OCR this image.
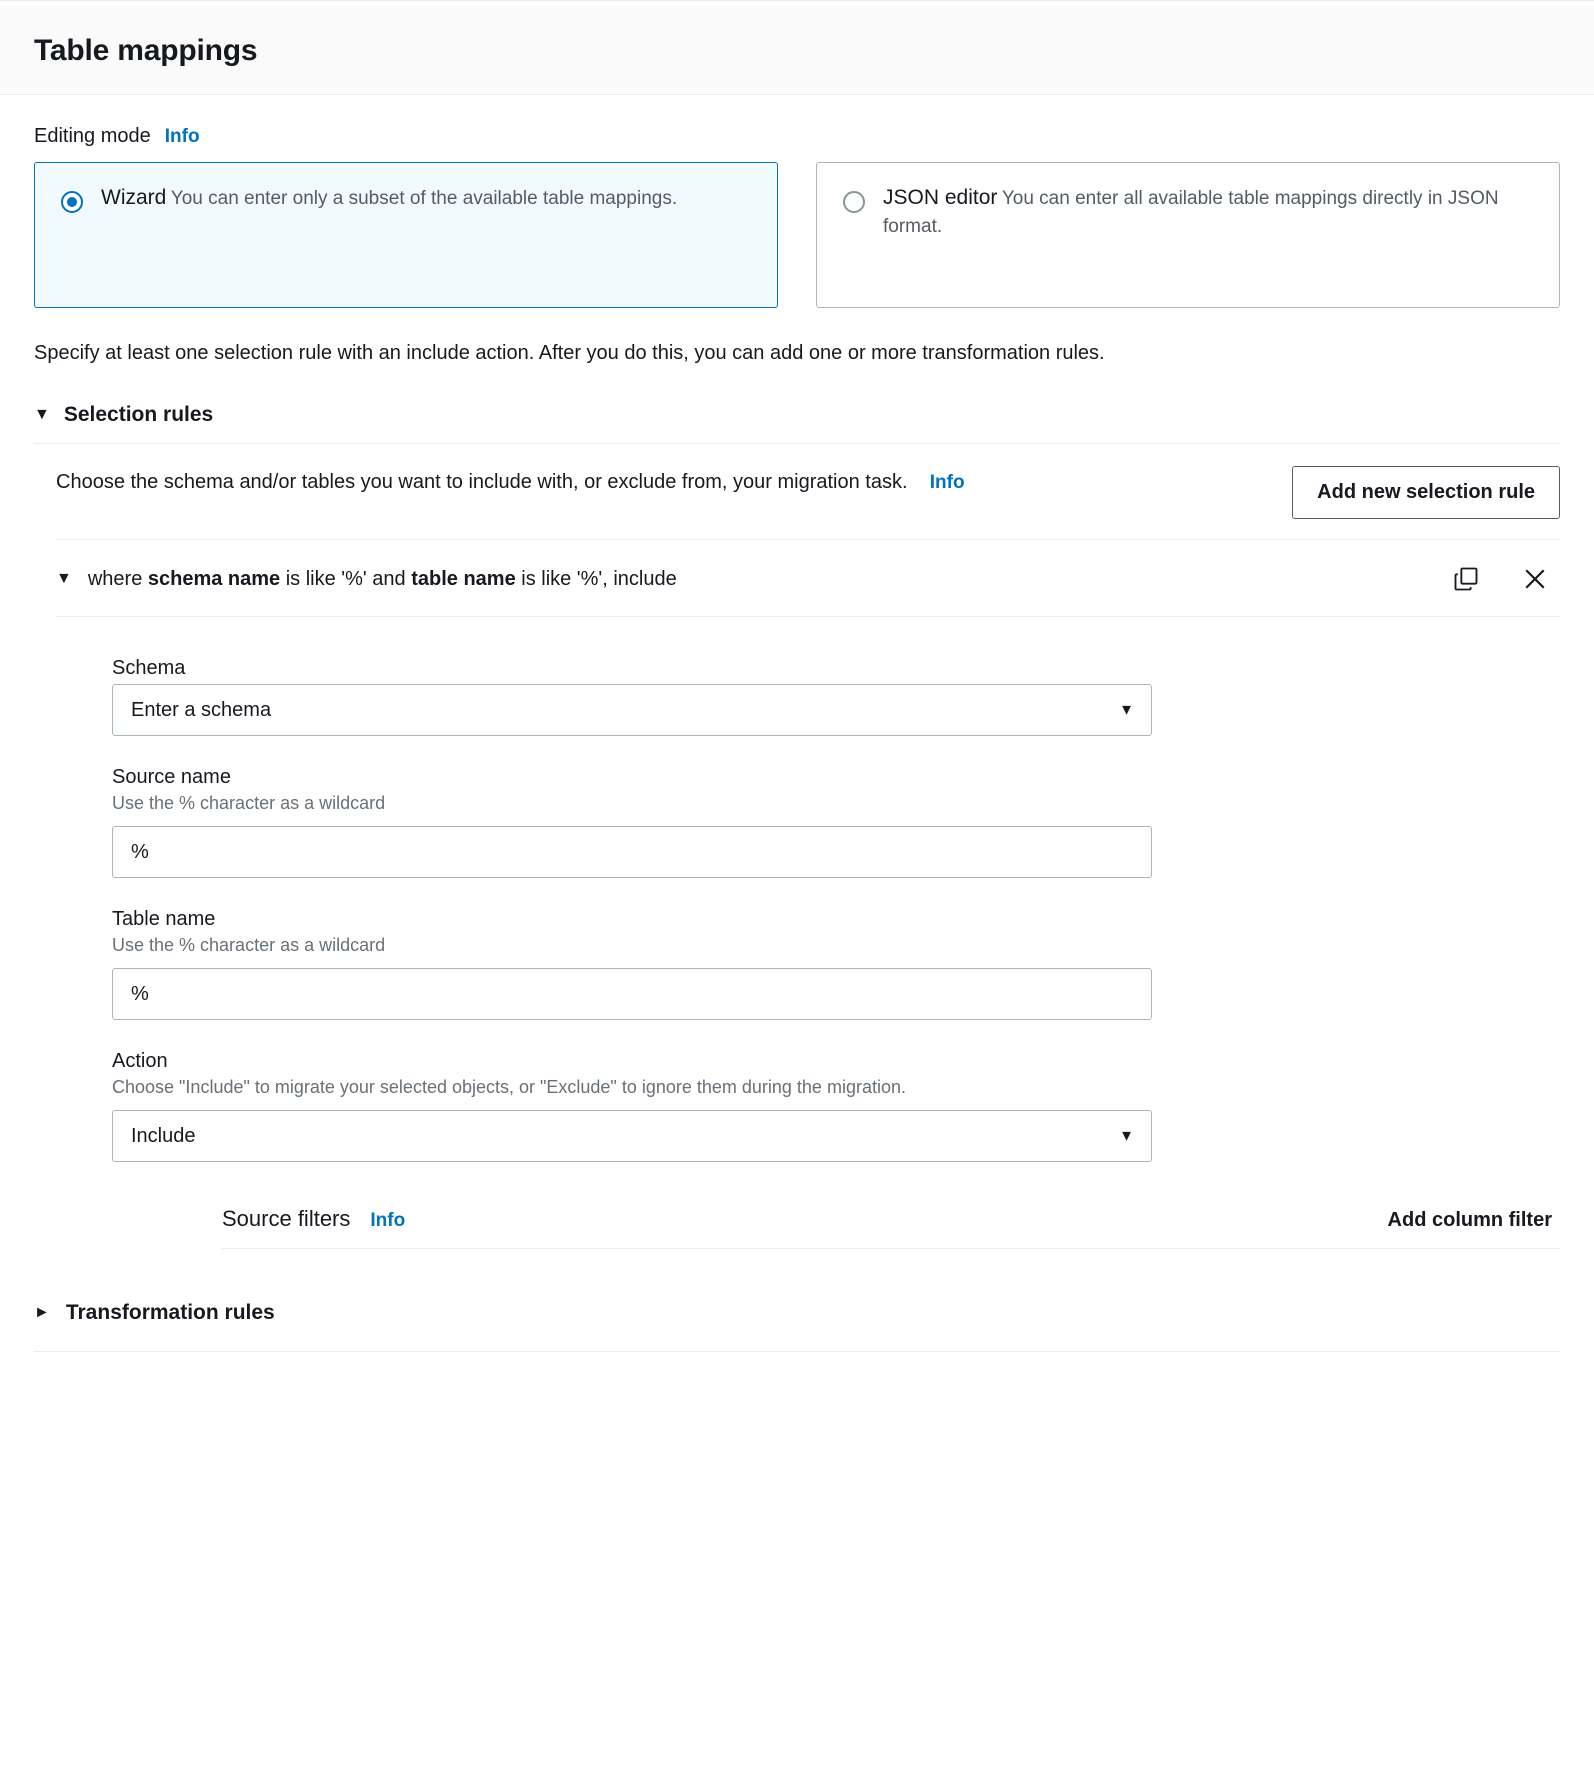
Table mappings
Editing mode Info
Wizard You can enter only a subset of the available table mappings.	JSON editor You can enter all available table mappings directly in JSON format.
Specify at least one selection rule with an include action. After you do this, you can add one or more transformation rules.
▼ Selection rules
Choose the schema and/or tables you want to include with, or exclude from, your migration task. Info	Add new selection rule
▼ where schema name is like '%' and table name is like '%', include
Schema
Enter a schema	▼
Source name
Use the % character as a wildcard
%
Table name
Use the % character as a wildcard
%
Action
Choose "Include" to migrate your selected objects, or "Exclude" to ignore them during the migration.
Include	▼
Source filters Info	Add column filter
► Transformation rules
